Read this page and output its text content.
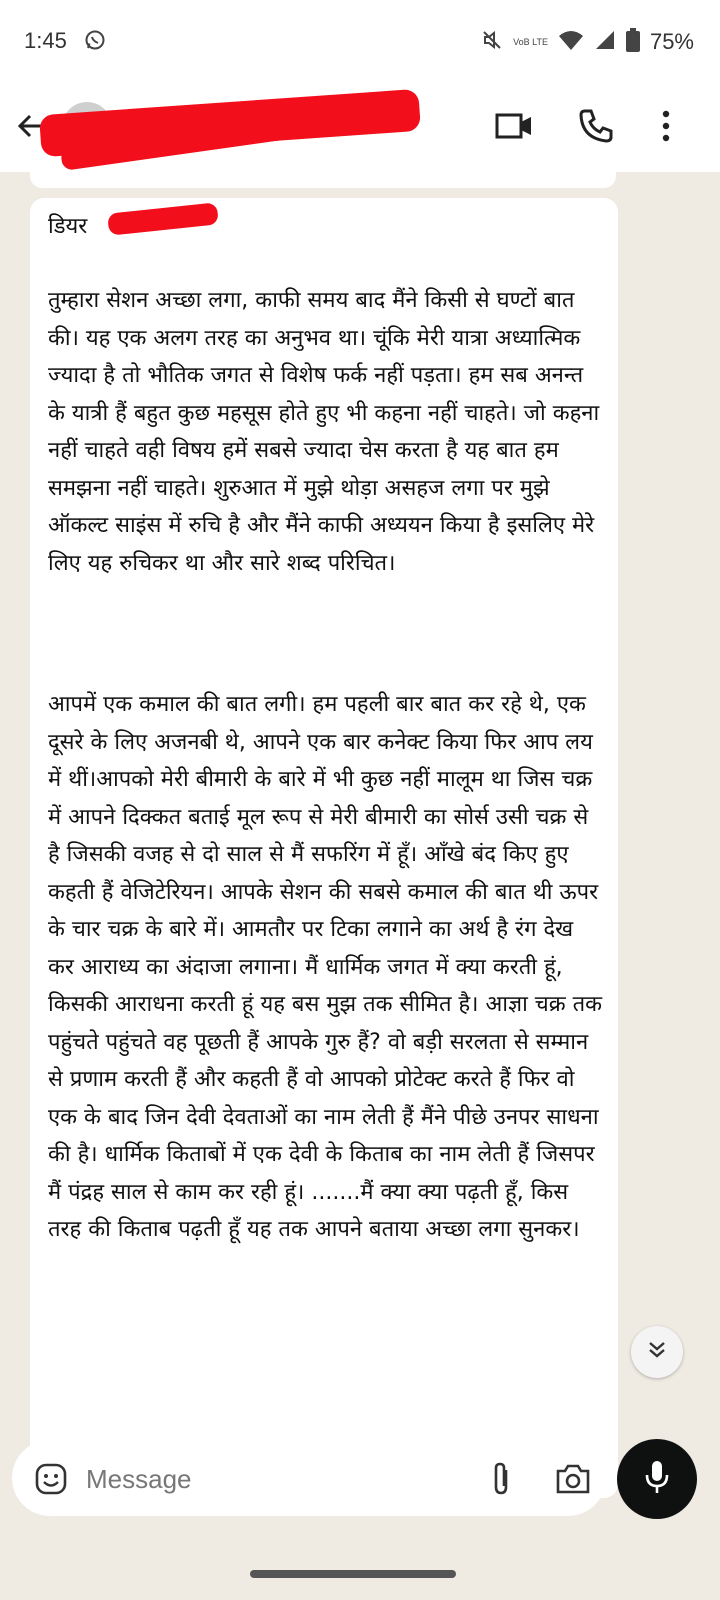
1:45	VoB LTE	75%
डियर

तुम्हारा सेशन अच्छा लगा, काफी समय बाद मैंने किसी से घण्टों बात की। यह एक अलग तरह का अनुभव था। चूंकि मेरी यात्रा अध्यात्मिक ज्यादा है तो भौतिक जगत से विशेष फर्क नहीं पड़ता। हम सब अनन्त के यात्री हैं बहुत कुछ महसूस होते हुए भी कहना नहीं चाहते। जो कहना नहीं चाहते वही विषय हमें सबसे ज्यादा चेस करता है यह बात हम समझना नहीं चाहते। शुरुआत में मुझे थोड़ा असहज लगा पर मुझे ऑकल्ट साइंस में रुचि है और मैंने काफी अध्ययन किया है इसलिए मेरे लिए यह रुचिकर था और सारे शब्द परिचित।

आपमें एक कमाल की बात लगी। हम पहली बार बात कर रहे थे, एक दूसरे के लिए अजनबी थे, आपने एक बार कनेक्ट किया फिर आप लय में थीं।आपको मेरी बीमारी के बारे में भी कुछ नहीं मालूम था जिस चक्र में आपने दिक्कत बताई मूल रूप से मेरी बीमारी का सोर्स उसी चक्र से है जिसकी वजह से दो साल से मैं सफरिंग में हूँ। आँखे बंद किए हुए कहती हैं वेजिटेरियन। आपके सेशन की सबसे कमाल की बात थी ऊपर के चार चक्र के बारे में। आमतौर पर टिका लगाने का अर्थ है रंग देख कर आराध्य का अंदाजा लगाना। मैं धार्मिक जगत में क्या करती हूं, किसकी आराधना करती हूं यह बस मुझ तक सीमित है। आज्ञा चक्र तक पहुंचते पहुंचते वह पूछती हैं आपके गुरु हैं? वो बड़ी सरलता से सम्मान से प्रणाम करती हैं और कहती हैं वो आपको प्रोटेक्ट करते हैं फिर वो एक के बाद जिन देवी देवताओं का नाम लेती हैं मैंने पीछे उनपर साधना की है। धार्मिक किताबों में एक देवी के किताब का नाम लेती हैं जिसपर मैं पंद्रह साल से काम कर रही हूं। .......मैं क्या क्या पढ़ती हूँ, किस तरह की किताब पढ़ती हूँ यह तक आपने बताया अच्छा लगा सुनकर।

Message
